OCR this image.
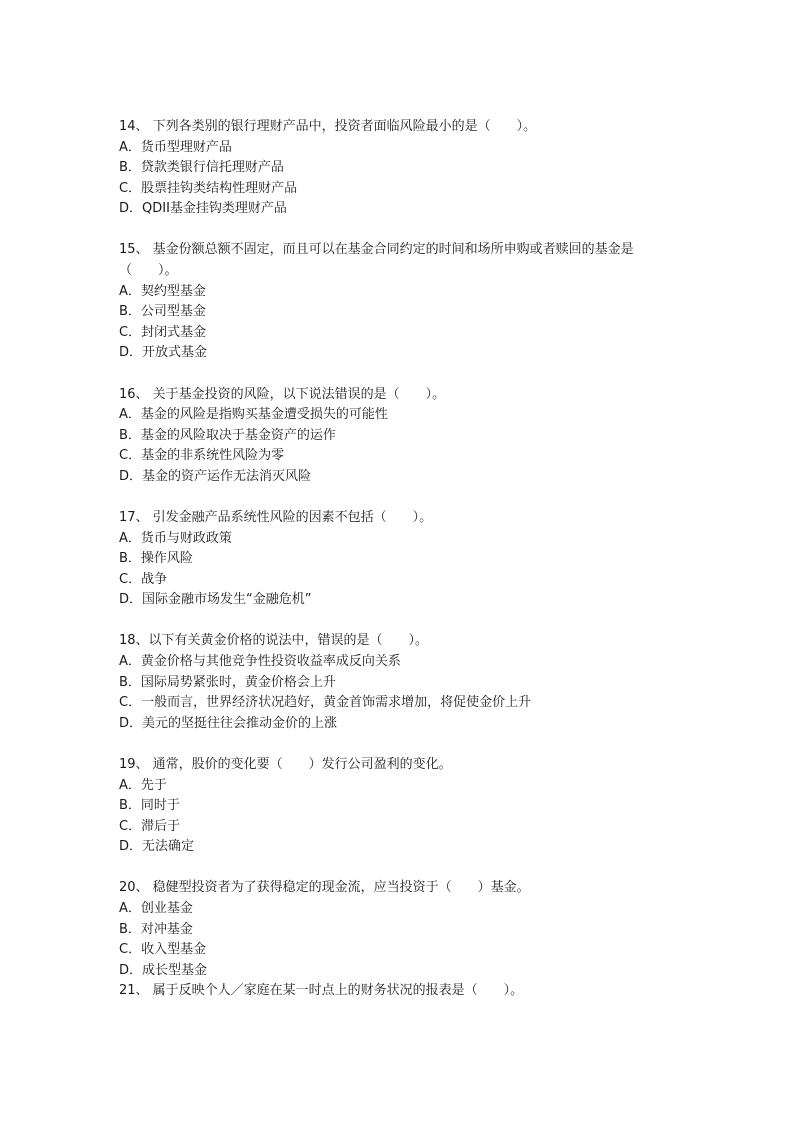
14、 下列各类别的银行理财产品中，投资者面临风险最小的是（　　）。
A．货币型理财产品
B．贷款类银行信托理财产品
C．股票挂钩类结构性理财产品
D．QDII基金挂钩类理财产品
15、 基金份额总额不固定，而且可以在基金合同约定的时间和场所申购或者赎回的基金是
（　　）。
A．契约型基金
B．公司型基金
C．封闭式基金
D．开放式基金
16、 关于基金投资的风险，以下说法错误的是（　　）。
A．基金的风险是指购买基金遭受损失的可能性
B．基金的风险取决于基金资产的运作
C．基金的非系统性风险为零
D．基金的资产运作无法消灭风险
17、 引发金融产品系统性风险的因素不包括（　　）。
A．货币与财政政策
B．操作风险
C．战争
D．国际金融市场发生“金融危机”
18、以下有关黄金价格的说法中，错误的是（　　）。
A．黄金价格与其他竞争性投资收益率成反向关系
B．国际局势紧张时，黄金价格会上升
C．一般而言，世界经济状况趋好，黄金首饰需求增加，将促使金价上升
D．美元的坚挺往往会推动金价的上涨
19、 通常，股价的变化要（　　）发行公司盈利的变化。
A．先于
B．同时于
C．滞后于
D．无法确定
20、 稳健型投资者为了获得稳定的现金流，应当投资于（　　）基金。
A．创业基金
B．对冲基金
C．收入型基金
D．成长型基金
21、 属于反映个人／家庭在某一时点上的财务状况的报表是（　　）。
